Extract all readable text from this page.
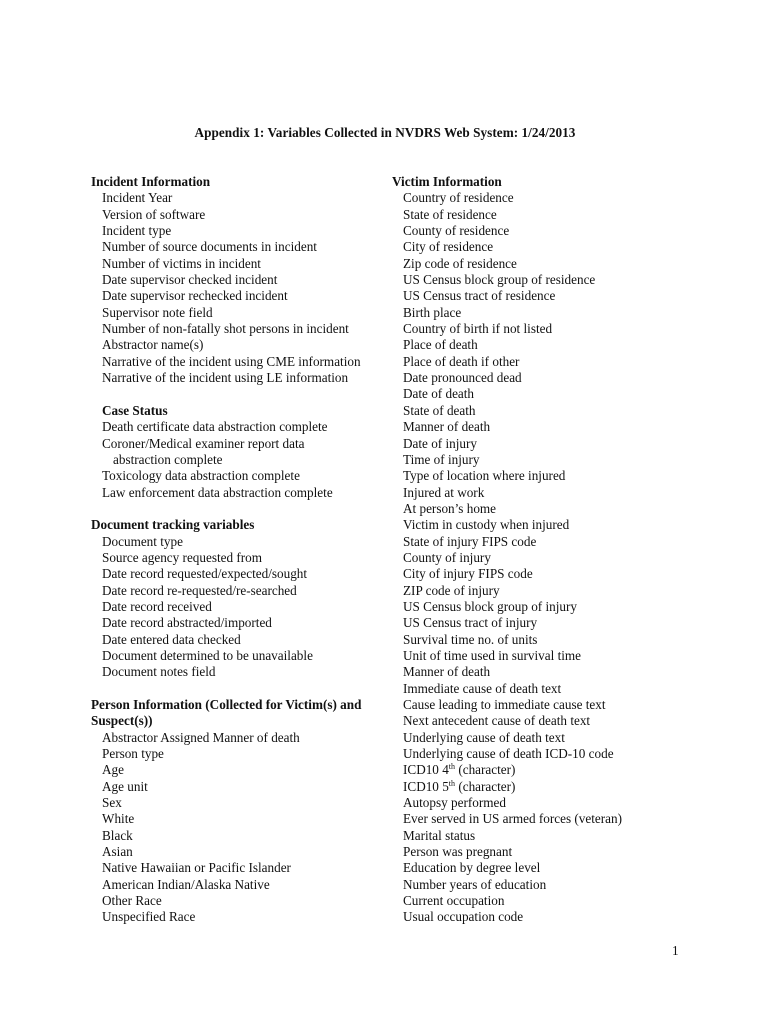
Appendix 1: Variables Collected in NVDRS Web System: 1/24/2013
Incident Information
Incident Year
Version of software
Incident type
Number of source documents in incident
Number of victims in incident
Date supervisor checked incident
Date supervisor rechecked incident
Supervisor note field
Number of non-fatally shot persons in incident
Abstractor name(s)
Narrative of the incident using CME information
Narrative of the incident using LE information
Case Status
Death certificate data abstraction complete
Coroner/Medical examiner report data
abstraction complete
Toxicology data abstraction complete
Law enforcement data abstraction complete
Document tracking variables
Document type
Source agency requested from
Date record requested/expected/sought
Date record re-requested/re-searched
Date record received
Date record abstracted/imported
Date entered data checked
Document determined to be unavailable
Document notes field
Person Information (Collected for Victim(s) and Suspect(s))
Abstractor Assigned Manner of death
Person type
Age
Age unit
Sex
White
Black
Asian
Native Hawaiian or Pacific Islander
American Indian/Alaska Native
Other Race
Unspecified Race
Victim Information
Country of residence
State of residence
County of residence
City of residence
Zip code of residence
US Census block group of residence
US Census tract of residence
Birth place
Country of birth if not listed
Place of death
Place of death if other
Date pronounced dead
Date of death
State of death
Manner of death
Date of injury
Time of injury
Type of location where injured
Injured at work
At person’s home
Victim in custody when injured
State of injury FIPS code
County of injury
City of injury FIPS code
ZIP code of injury
US Census block group of injury
US Census tract of injury
Survival time no. of units
Unit of time used in survival time
Manner of death
Immediate cause of death text
Cause leading to immediate cause text
Next antecedent cause of death text
Underlying cause of death text
Underlying cause of death ICD-10 code
ICD10 4th (character)
ICD10 5th (character)
Autopsy performed
Ever served in US armed forces (veteran)
Marital status
Person was pregnant
Education by degree level
Number years of education
Current occupation
Usual occupation code
1
